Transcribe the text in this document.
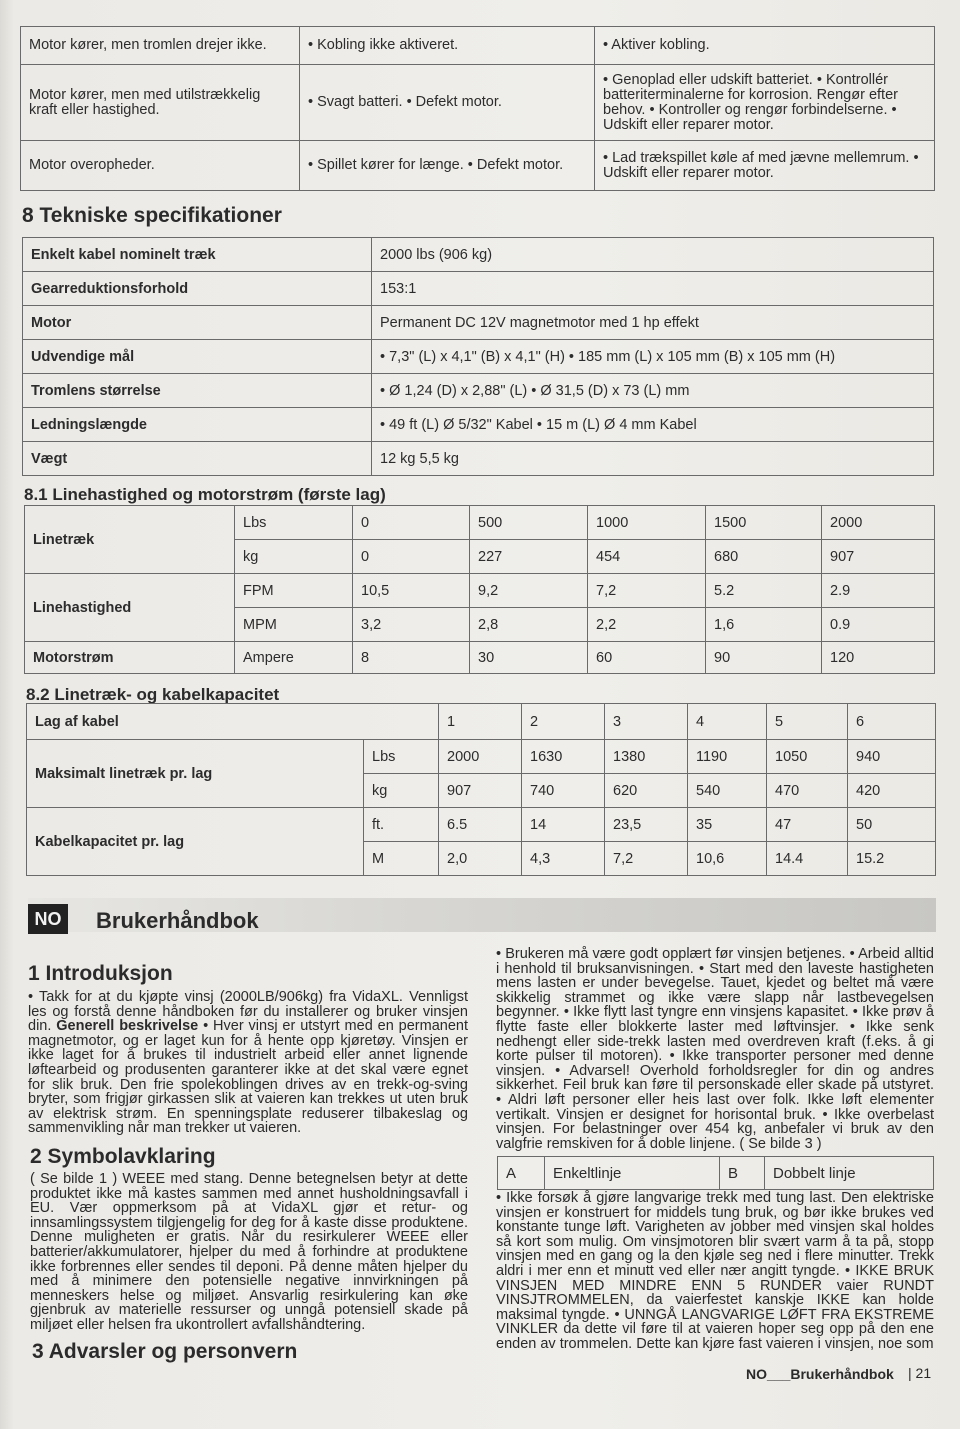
Motor kører, men tromlen drejer ikke.	• Kobling ikke aktiveret.	• Aktiver kobling.
Motor kører, men med utilstrækkelig kraft eller hastighed.	• Svagt batteri. • Defekt motor.	• Genoplad eller udskift batteriet. • Kontrollér batteriterminalerne for korrosion. Rengør efter behov. • Kontroller og rengør forbindelserne. • Udskift eller reparer motor.
Motor overopheder.	• Spillet kører for længe. • Defekt motor.	• Lad trækspillet køle af med jævne mellemrum. • Udskift eller reparer motor.
8 Tekniske specifikationer
Enkelt kabel nominelt træk	2000 lbs (906 kg)
Gearreduktionsforhold	153:1
Motor	Permanent DC 12V magnetmotor med 1 hp effekt
Udvendige mål	• 7,3" (L) x 4,1" (B) x 4,1" (H) • 185 mm (L) x 105 mm (B) x 105 mm (H)
Tromlens størrelse	• Ø 1,24 (D) x 2,88" (L) • Ø 31,5 (D) x 73 (L) mm
Ledningslængde	• 49 ft (L) Ø 5/32" Kabel • 15 m (L) Ø 4 mm Kabel
Vægt	12 kg 5,5 kg
8.1 Linehastighed og motorstrøm (første lag)
Linetræk	Lbs	0	500	1000	1500	2000
	kg	0	227	454	680	907
Linehastighed	FPM	10,5	9,2	7,2	5.2	2.9
	MPM	3,2	2,8	2,2	1,6	0.9
Motorstrøm	Ampere	8	30	60	90	120
8.2 Linetræk- og kabelkapacitet
Lag af kabel		1	2	3	4	5	6
Maksimalt linetræk pr. lag	Lbs	2000	1630	1380	1190	1050	940
	kg	907	740	620	540	470	420
Kabelkapacitet pr. lag	ft.	6.5	14	23,5	35	47	50
	M	2,0	4,3	7,2	10,6	14.4	15.2
NO Brukerhåndbok
1 Introduksjon

• Takk for at du kjøpte vinsj (2000LB/906kg) fra VidaXL. Vennligst les og forstå denne håndboken før du installerer og bruker vinsjen din. Generell beskrivelse • Hver vinsj er utstyrt med en permanent magnetmotor, og er laget kun for å hente opp kjøretøy. Vinsjen er ikke laget for å brukes til industrielt arbeid eller annet lignende løftearbeid og produsenten garanterer ikke at det skal være egnet for slik bruk. Den frie spolekoblingen drives av en trekk-og-sving bryter, som frigjør girkassen slik at vaieren kan trekkes ut uten bruk av elektrisk strøm. En spenningsplate reduserer tilbakeslag og sammenvikling når man trekker ut vaieren.

2 Symbolavklaring
( Se bilde 1 ) WEEE med stang. Denne betegnelsen betyr at dette produktet ikke må kastes sammen med annet husholdningsavfall i EU. Vær oppmerksom på at VidaXL gjør et retur- og innsamlingssystem tilgjengelig for deg for å kaste disse produktene. Denne muligheten er gratis. Når du resirkulerer WEEE eller batterier/akkumulatorer, hjelper du med å forhindre at produktene ikke forbrennes eller sendes til deponi. På denne måten hjelper du med å minimere den potensielle negative innvirkningen på menneskers helse og miljøet. Ansvarlig resirkulering kan øke gjenbruk av materielle ressurser og unngå potensiell skade på miljøet eller helsen fra ukontrollert avfallshåndtering.
3 Advarsler og personvern
• Brukeren må være godt opplært før vinsjen betjenes. • Arbeid alltid i henhold til bruksanvisningen. • Start med den laveste hastigheten mens lasten er under bevegelse. Tauet, kjedet og beltet må være skikkelig strammet og ikke være slapp når lastbevegelsen begynner. • Ikke flytt last tyngre enn vinsjens kapasitet. • Ikke prøv å flytte faste eller blokkerte laster med løftvinsjer. • Ikke senk nedhengt eller side-trekk lasten med overdreven kraft (f.eks. å gi korte pulser til motoren). • Ikke transporter personer med denne vinsjen. • Advarsel! Overhold forholdsregler for din og andres sikkerhet. Feil bruk kan føre til personskade eller skade på utstyret. • Aldri løft personer eller heis last over folk. Ikke løft elementer vertikalt. Vinsjen er designet for horisontal bruk. • Ikke overbelast vinsjen. For belastninger over 454 kg, anbefaler vi bruk av den valgfrie remskiven for å doble linjene. ( Se bilde 3 )
A	Enkeltlinje	B	Dobbelt linje
• Ikke forsøk å gjøre langvarige trekk med tung last. Den elektriske vinsjen er konstruert for middels tung bruk, og bør ikke brukes ved konstante tunge løft. Varigheten av jobber med vinsjen skal holdes så kort som mulig. Om vinsjmotoren blir svært varm å ta på, stopp vinsjen med en gang og la den kjøle seg ned i flere minutter. Trekk aldri i mer enn et minutt ved eller nær angitt tyngde. • IKKE BRUK VINSJEN MED MINDRE ENN 5 RUNDER vaier RUNDT VINSJTROMMELEN, da vaierfestet kanskje IKKE kan holde maksimal tyngde. • UNNGÅ LANGVARIGE LØFT FRA EKSTREME VINKLER da dette vil føre til at vaieren hoper seg opp på den ene enden av trommelen. Dette kan kjøre fast vaieren i vinsjen, noe som
NO___Brukerhåndbok | 21
